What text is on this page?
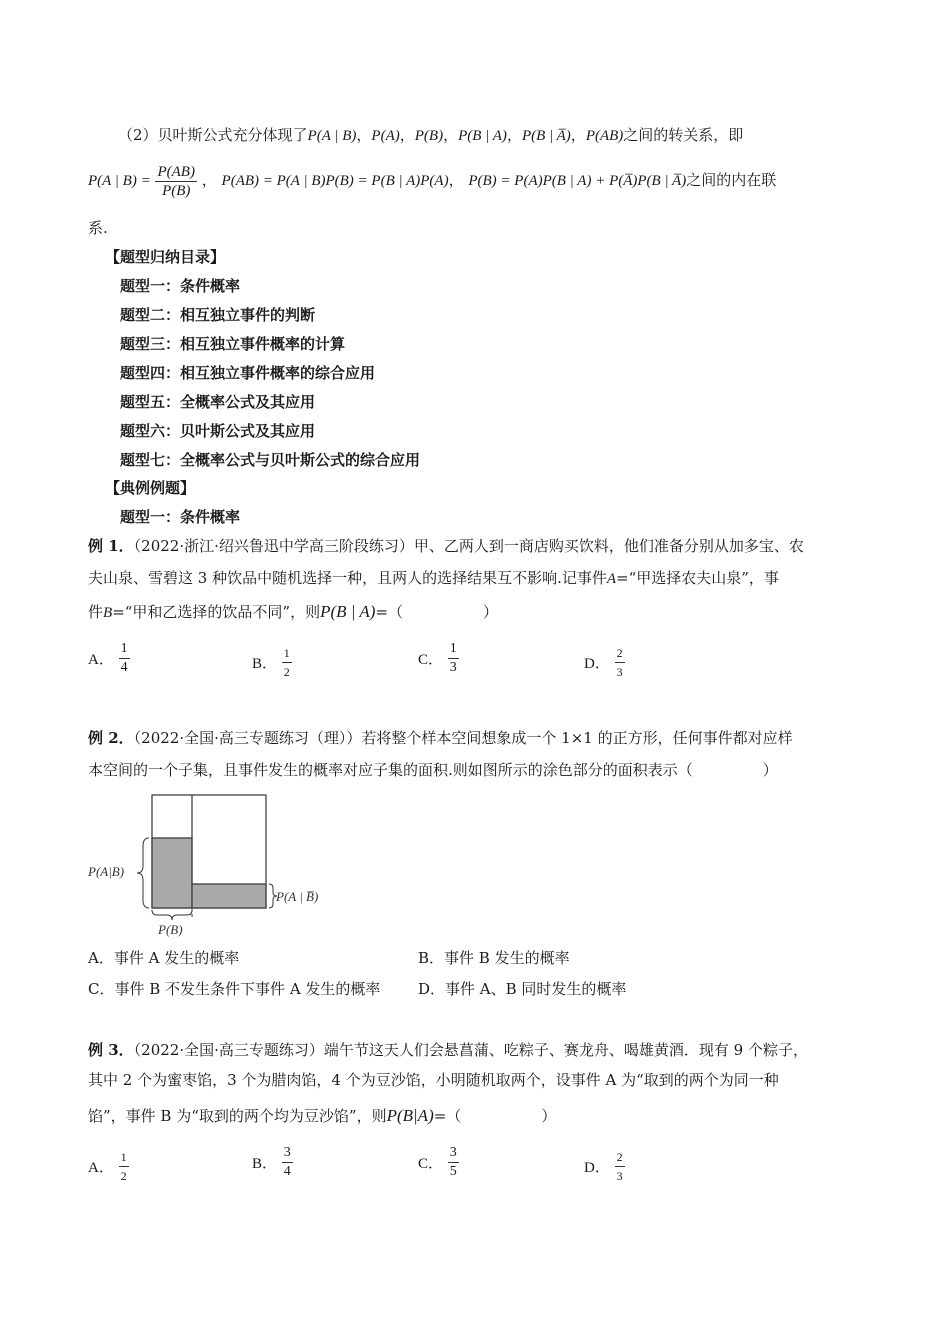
（2）贝叶斯公式充分体现了P(A | B)，P(A)，P(B)，P(B | A)，P(B | A̅)，P(AB)之间的转关系，即
P(A | $B) = \frac{P(AB)}{P(B)}$ ， P(AB) = P(A | B)P(B) = P(B | A)P(A)， P(B) = P(A)P(B | A) + P(A̅)P(B | A̅)之间的内在联
系.
【题型归纳目录】
题型一：条件概率
题型二：相互独立事件的判断
题型三：相互独立事件概率的计算
题型四：相互独立事件概率的综合应用
题型五：全概率公式及其应用
题型六：贝叶斯公式及其应用
题型七：全概率公式与贝叶斯公式的综合应用
【典例例题】
题型一：条件概率
例 1．（2022·浙江·绍兴鲁迅中学高三阶段练习）甲、乙两人到一商店购买饮料，他们准备分别从加多宝、农
夫山泉、雪碧这 3 种饮品中随机选择一种，且两人的选择结果互不影响.记事件A=“甲选择农夫山泉”，事
件B=“甲和乙选择的饮品不同”，则P(B | A)=（	）
A． $\frac{1}{4}$	B． $\frac{1}{2}$	C． $\frac{1}{3}$	D． $\frac{2}{3}$
例 2．（2022·全国·高三专题练习（理））若将整个样本空间想象成一个 1×1 的正方形，任何事件都对应样
本空间的一个子集，且事件发生的概率对应子集的面积.则如图所示的涂色部分的面积表示（	）
P(A|B)
P(A | B̅)
P(B)
A．事件 A 发生的概率	B．事件 B 发生的概率
C．事件 B 不发生条件下事件 A 发生的概率	D．事件 A、B 同时发生的概率
例 3．（2022·全国·高三专题练习）端午节这天人们会悬菖蒲、吃粽子、赛龙舟、喝雄黄酒．现有 9 个粽子，
其中 2 个为蜜枣馅，3 个为腊肉馅，4 个为豆沙馅，小明随机取两个，设事件 A 为“取到的两个为同一种
馅”，事件 B 为“取到的两个均为豆沙馅”，则P(B|A)=（	）
A． $\frac{1}{2}$	B． $\frac{3}{4}$	C． $\frac{3}{5}$	D． $\frac{2}{3}$
